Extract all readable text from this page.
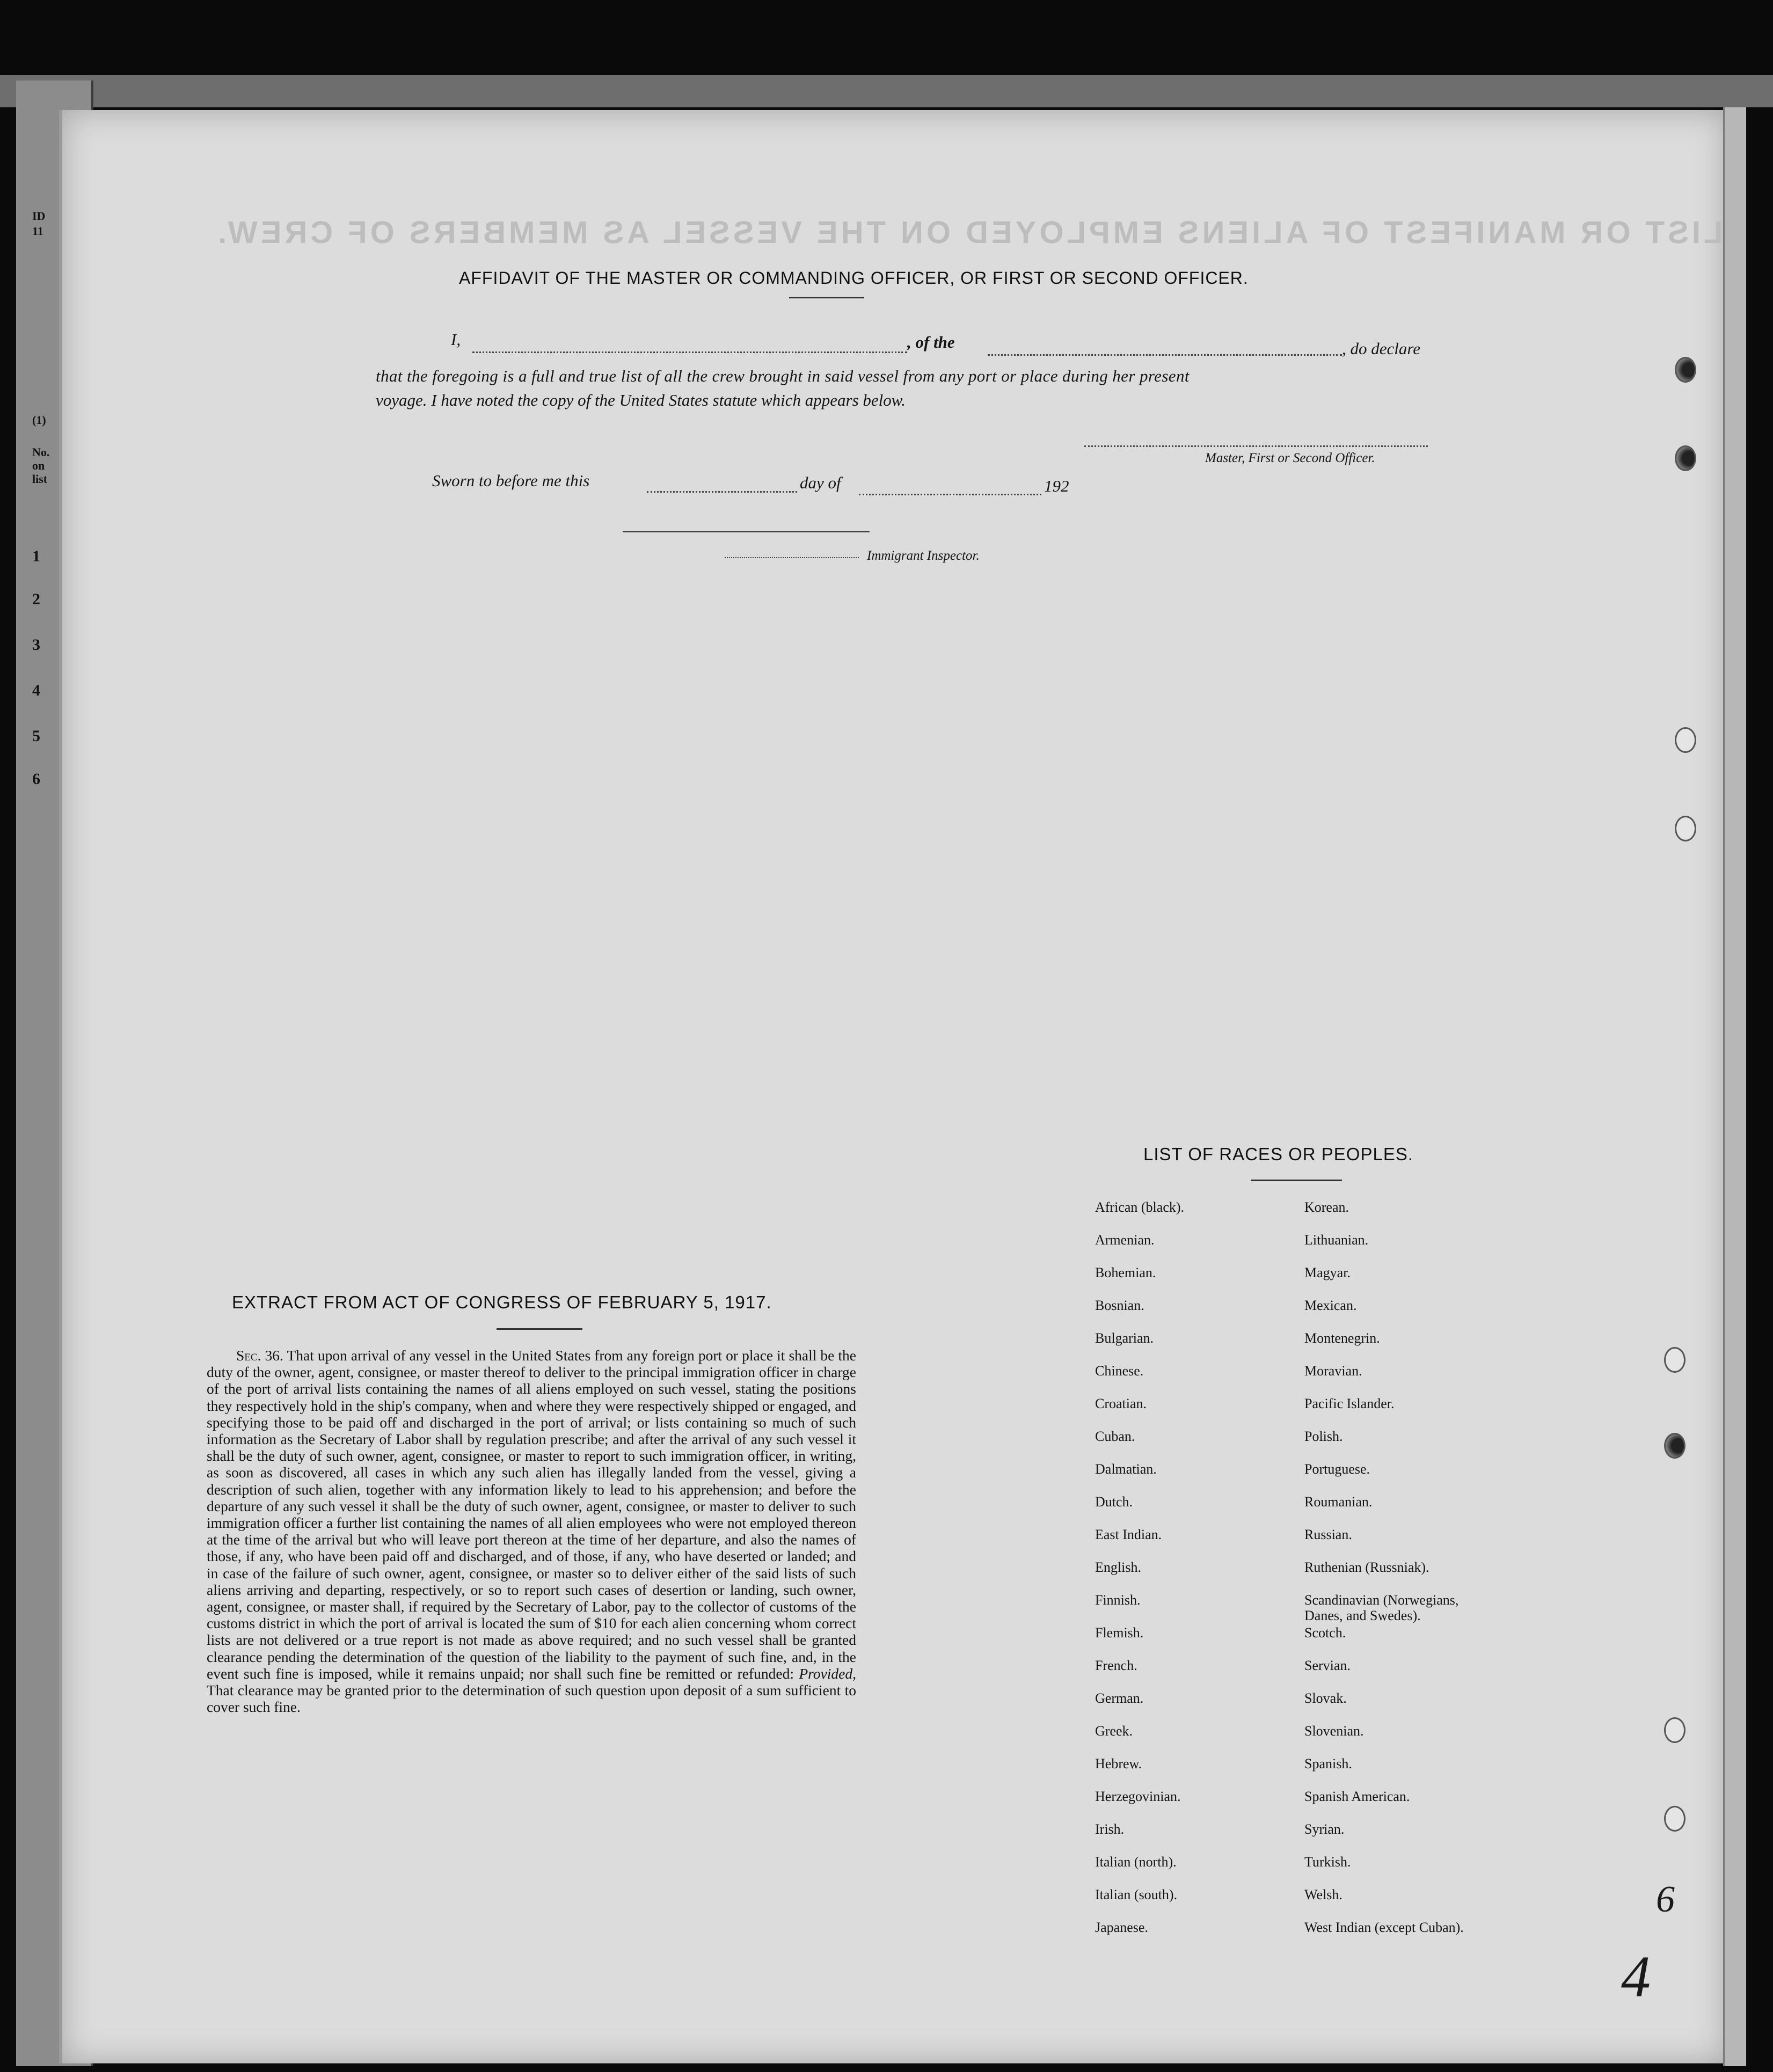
ID
11
(1)
No.
on
list
1
2
3
4
5
6
LIST OR MANIFEST OF ALIENS EMPLOYED ON THE VESSEL AS MEMBERS OF CREW.
AFFIDAVIT OF THE MASTER OR COMMANDING OFFICER, OR FIRST OR SECOND OFFICER.
I,	, of the	, do declare
that the foregoing is a full and true list of all the crew brought in said vessel from any port or place during her present
voyage. I have noted the copy of the United States statute which appears below.
Master, First or Second Officer.
Sworn to before me this	day of	192
Immigrant Inspector.
EXTRACT FROM ACT OF CONGRESS OF FEBRUARY 5, 1917.

Sec. 36. That upon arrival of any vessel in the United States from any foreign port or place it shall be the duty of the owner, agent, consignee, or master thereof to deliver to the principal immigration officer in charge of the port of arrival lists containing the names of all aliens employed on such vessel, stating the positions they respectively hold in the ship's company, when and where they were respectively shipped or engaged, and specifying those to be paid off and discharged in the port of arrival; or lists containing so much of such information as the Secretary of Labor shall by regulation prescribe; and after the arrival of any such vessel it shall be the duty of such owner, agent, consignee, or master to report to such immigration officer, in writing, as soon as discovered, all cases in which any such alien has illegally landed from the vessel, giving a description of such alien, together with any information likely to lead to his apprehension; and before the departure of any such vessel it shall be the duty of such owner, agent, consignee, or master to deliver to such immigration officer a further list containing the names of all alien employees who were not employed thereon at the time of the arrival but who will leave port thereon at the time of her departure, and also the names of those, if any, who have been paid off and discharged, and of those, if any, who have deserted or landed; and in case of the failure of such owner, agent, consignee, or master so to deliver either of the said lists of such aliens arriving and departing, respectively, or so to report such cases of desertion or landing, such owner, agent, consignee, or master shall, if required by the Secretary of Labor, pay to the collector of customs of the customs district in which the port of arrival is located the sum of $10 for each alien concerning whom correct lists are not delivered or a true report is not made as above required; and no such vessel shall be granted clearance pending the determination of the question of the liability to the payment of such fine, and, in the event such fine is imposed, while it remains unpaid; nor shall such fine be remitted or refunded: Provided, That clearance may be granted prior to the determination of such question upon deposit of a sum sufficient to cover such fine.

LIST OF RACES OR PEOPLES.
African (black).	Korean.
Armenian.	Lithuanian.
Bohemian.	Magyar.
Bosnian.	Mexican.
Bulgarian.	Montenegrin.
Chinese.	Moravian.
Croatian.	Pacific Islander.
Cuban.	Polish.
Dalmatian.	Portuguese.
Dutch.	Roumanian.
East Indian.	Russian.
English.	Ruthenian (Russniak).
Finnish.	Scandinavian (Norwegians,
Danes, and Swedes).
Flemish.	Scotch.
French.	Servian.
German.	Slovak.
Greek.	Slovenian.
Hebrew.	Spanish.
Herzegovinian.	Spanish American.
Irish.	Syrian.
Italian (north).	Turkish.
Italian (south).	Welsh.
Japanese.	West Indian (except Cuban).
6
4
